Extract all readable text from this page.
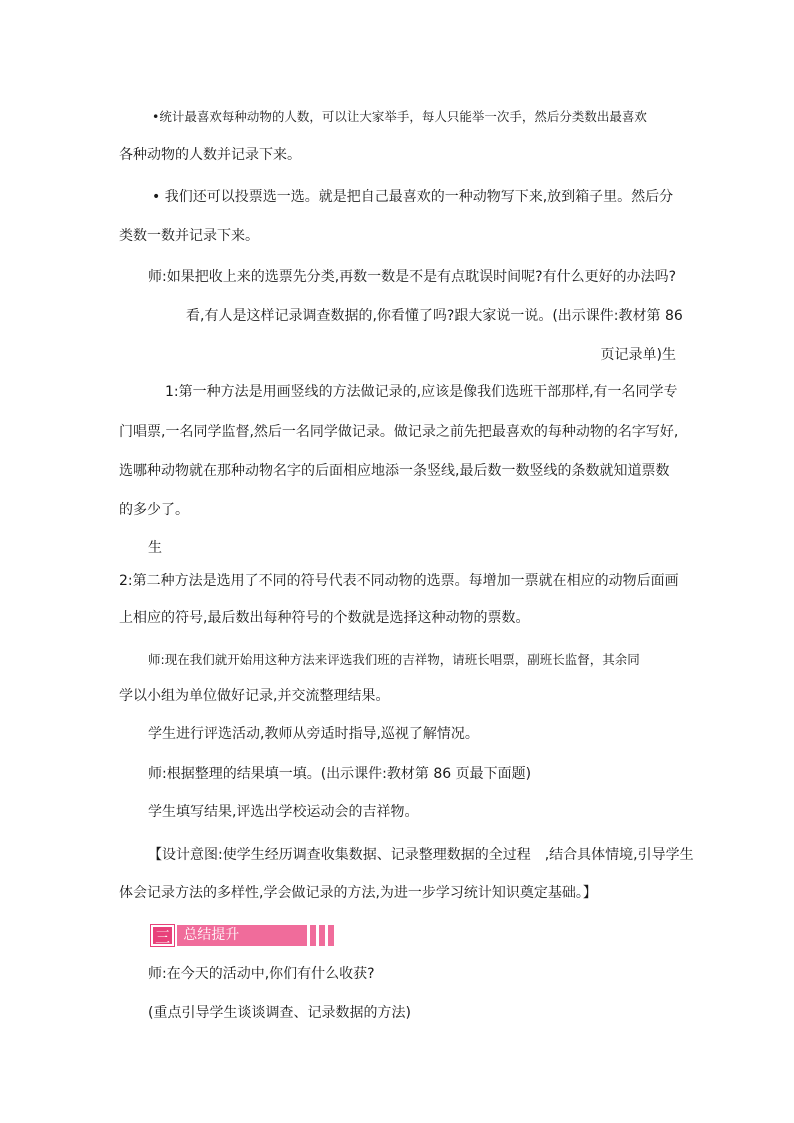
•统计最喜欢每种动物的人数，可以让大家举手，每人只能举一次手，然后分类数出最喜欢
各种动物的人数并记录下来。
• 我们还可以投票选一选。就是把自己最喜欢的一种动物写下来,放到箱子里。然后分
类数一数并记录下来。
师:如果把收上来的选票先分类,再数一数是不是有点耽误时间呢?有什么更好的办法吗?
看,有人是这样记录调查数据的,你看懂了吗?跟大家说一说。(出示课件:教材第 86
页记录单)生
1:第一种方法是用画竖线的方法做记录的,应该是像我们选班干部那样,有一名同学专
门唱票,一名同学监督,然后一名同学做记录。做记录之前先把最喜欢的每种动物的名字写好,
选哪种动物就在那种动物名字的后面相应地添一条竖线,最后数一数竖线的条数就知道票数
的多少了。
生
2:第二种方法是选用了不同的符号代表不同动物的选票。每增加一票就在相应的动物后面画
上相应的符号,最后数出每种符号的个数就是选择这种动物的票数。
师:现在我们就开始用这种方法来评选我们班的吉祥物，请班长唱票，副班长监督，其余同
学以小组为单位做好记录,并交流整理结果。
学生进行评选活动,教师从旁适时指导,巡视了解情况。
师:根据整理的结果填一填。(出示课件:教材第 86 页最下面题)
学生填写结果,评选出学校运动会的吉祥物。
【设计意图:使学生经历调查收集数据、记录整理数据的全过程　,结合具体情境,引导学生
体会记录方法的多样性,学会做记录的方法,为进一步学习统计知识奠定基础。】
三 总结提升
师:在今天的活动中,你们有什么收获?
(重点引导学生谈谈调查、记录数据的方法)
